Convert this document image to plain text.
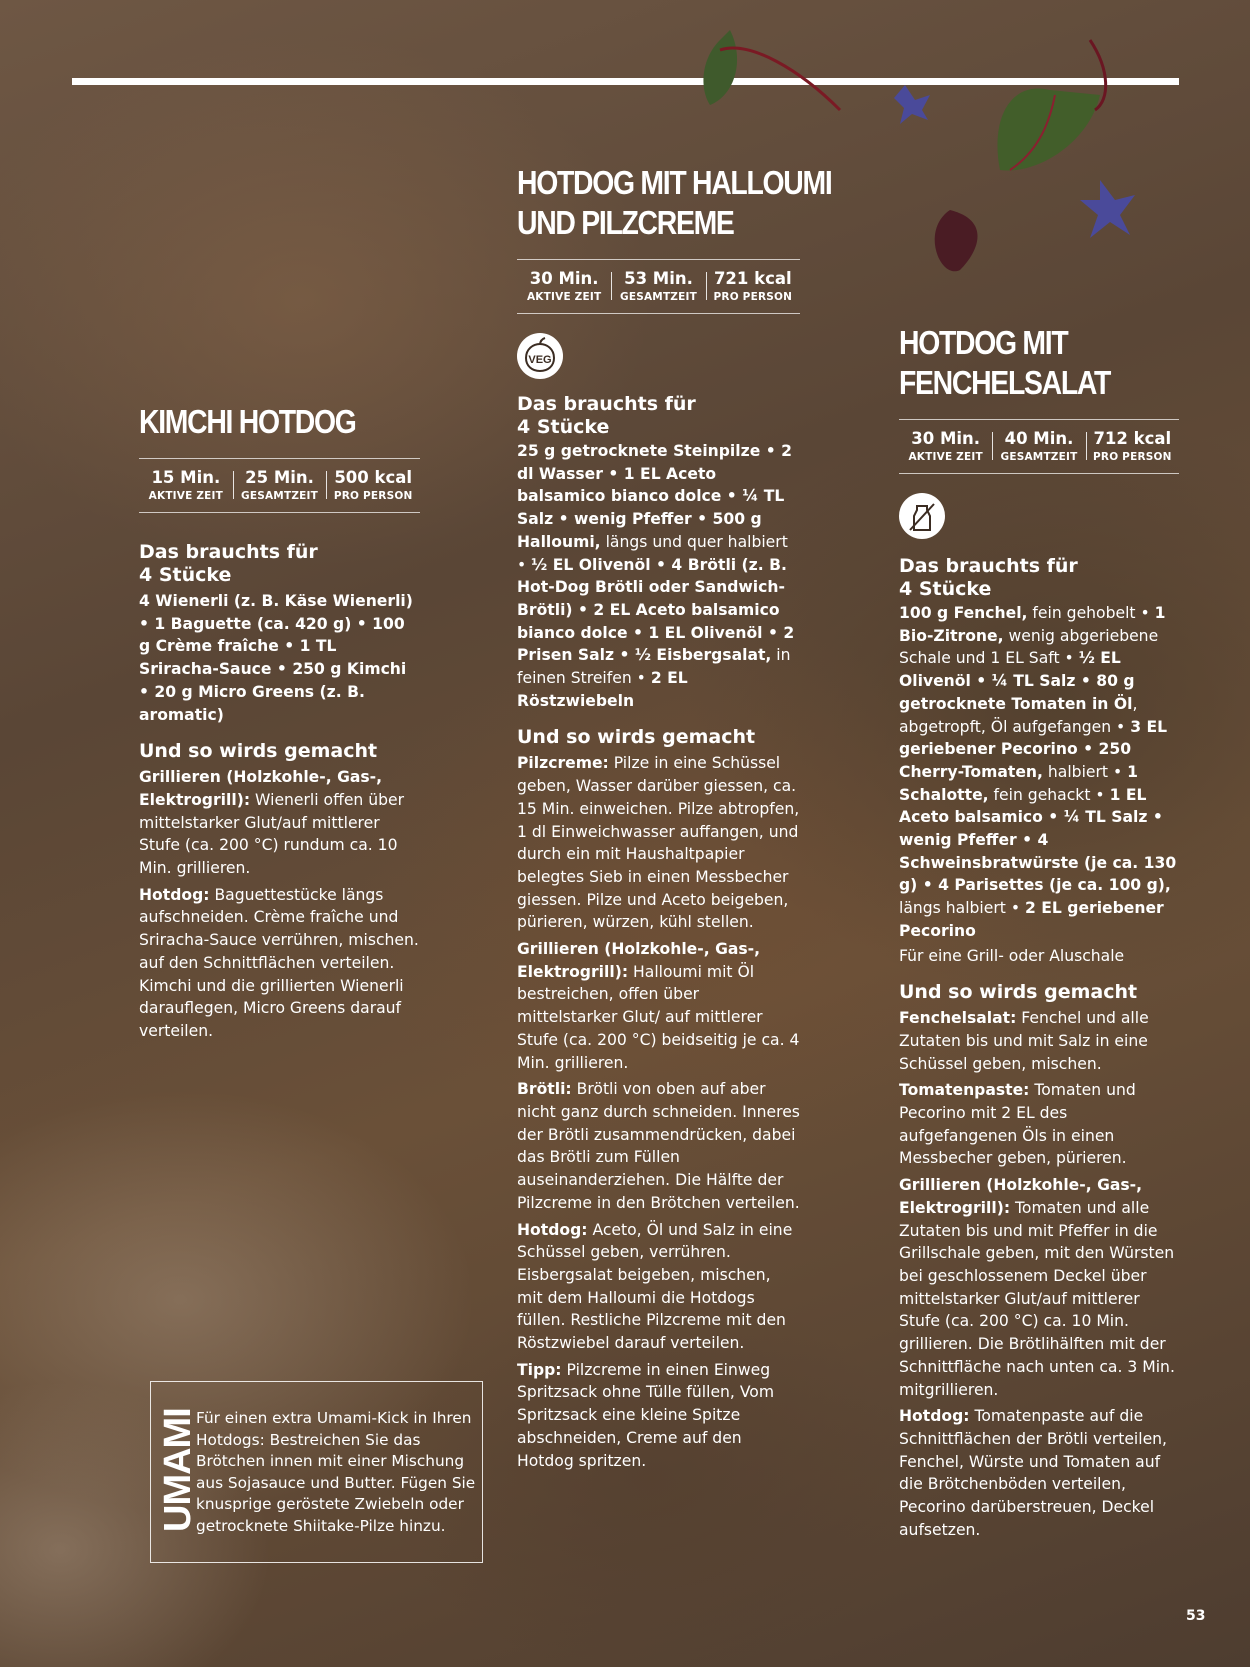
KIMCHI HOTDOG
15 Min.
AKTIVE ZEIT
25 Min.
GESAMTZEIT
500 kcal
PRO PERSON
Das brauchts für
4 Stücke
4 Wienerli (z. B. Käse Wienerli) • 1 Baguette (ca. 420 g) • 100 g Crème fraîche • 1 TL Sriracha-Sauce • 250 g Kimchi • 20 g Micro Greens (z. B. aromatic)
Und so wirds gemacht
Grillieren (Holzkohle-, Gas-, Elektrogrill): Wienerli offen über mittelstarker Glut/auf mittlerer Stufe (ca. 200 °C) rundum ca. 10 Min. grillieren.
Hotdog: Baguettestücke längs aufschneiden. Crème fraîche und Sriracha-Sauce verrühren, mischen. auf den Schnittflächen verteilen. Kimchi und die grillierten Wienerli darauflegen, Micro Greens darauf verteilen.
HOTDOG MIT HALLOUMI
UND PILZCREME
30 Min.
AKTIVE ZEIT
53 Min.
GESAMTZEIT
721 kcal
PRO PERSON
VEG
Das brauchts für
4 Stücke
25 g getrocknete Steinpilze • 2 dl Wasser • 1 EL Aceto balsamico bianco dolce • ¼ TL Salz • wenig Pfeffer • 500 g Halloumi, längs und quer halbiert • ½ EL Olivenöl • 4 Brötli (z. B. Hot-Dog Brötli oder Sandwich-Brötli) • 2 EL Aceto balsamico bianco dolce • 1 EL Olivenöl • 2 Prisen Salz • ½ Eisbergsalat, in feinen Streifen • 2 EL Röstzwiebeln
Und so wirds gemacht
Pilzcreme: Pilze in eine Schüssel geben, Wasser darüber giessen, ca. 15 Min. einweichen. Pilze abtropfen, 1 dl Einweichwasser auffangen, und durch ein mit Haushaltpapier belegtes Sieb in einen Messbecher giessen. Pilze und Aceto beigeben, pürieren, würzen, kühl stellen.
Grillieren (Holzkohle-, Gas-, Elektrogrill): Halloumi mit Öl bestreichen, offen über mittelstarker Glut/ auf mittlerer Stufe (ca. 200 °C) beidseitig je ca. 4 Min. grillieren.
Brötli: Brötli von oben auf aber nicht ganz durch schneiden. Inneres der Brötli zusammendrücken, dabei das Brötli zum Füllen auseinanderziehen. Die Hälfte der Pilzcreme in den Brötchen verteilen.
Hotdog: Aceto, Öl und Salz in eine Schüssel geben, verrühren. Eisbergsalat beigeben, mischen, mit dem Halloumi die Hotdogs füllen. Restliche Pilzcreme mit den Röstzwiebel darauf verteilen.
Tipp: Pilzcreme in einen Einweg Spritzsack ohne Tülle füllen, Vom Spritzsack eine kleine Spitze abschneiden, Creme auf den Hotdog spritzen.
HOTDOG MIT
FENCHELSALAT
30 Min.
AKTIVE ZEIT
40 Min.
GESAMTZEIT
712 kcal
PRO PERSON
Das brauchts für
4 Stücke
100 g Fenchel, fein gehobelt • 1 Bio-Zitrone, wenig abgeriebene Schale und 1 EL Saft • ½ EL Olivenöl • ¼ TL Salz • 80 g getrocknete Tomaten in Öl, abgetropft, Öl aufgefangen • 3 EL geriebener Pecorino • 250 Cherry-Tomaten, halbiert • 1 Schalotte, fein gehackt • 1 EL Aceto balsamico • ¼ TL Salz • wenig Pfeffer • 4 Schweinsbratwürste (je ca. 130 g) • 4 Parisettes (je ca. 100 g), längs halbiert • 2 EL geriebener Pecorino
Für eine Grill- oder Aluschale
Und so wirds gemacht
Fenchelsalat: Fenchel und alle Zutaten bis und mit Salz in eine Schüssel geben, mischen.
Tomatenpaste: Tomaten und Pecorino mit 2 EL des aufgefangenen Öls in einen Messbecher geben, pürieren.
Grillieren (Holzkohle-, Gas-, Elektrogrill): Tomaten und alle Zutaten bis und mit Pfeffer in die Grillschale geben, mit den Würsten bei geschlossenem Deckel über mittelstarker Glut/auf mittlerer Stufe (ca. 200 °C) ca. 10 Min. grillieren. Die Brötlihälften mit der Schnittfläche nach unten ca. 3 Min. mitgrillieren.
Hotdog: Tomatenpaste auf die Schnittflächen der Brötli verteilen, Fenchel, Würste und Tomaten auf die Brötchenböden verteilen, Pecorino darüberstreuen, Deckel aufsetzen.
UMAMI
Für einen extra Umami-Kick in Ihren Hotdogs: Bestreichen Sie das Brötchen innen mit einer Mischung aus Sojasauce und Butter. Fügen Sie knusprige geröstete Zwiebeln oder getrocknete Shiitake-Pilze hinzu.
53
